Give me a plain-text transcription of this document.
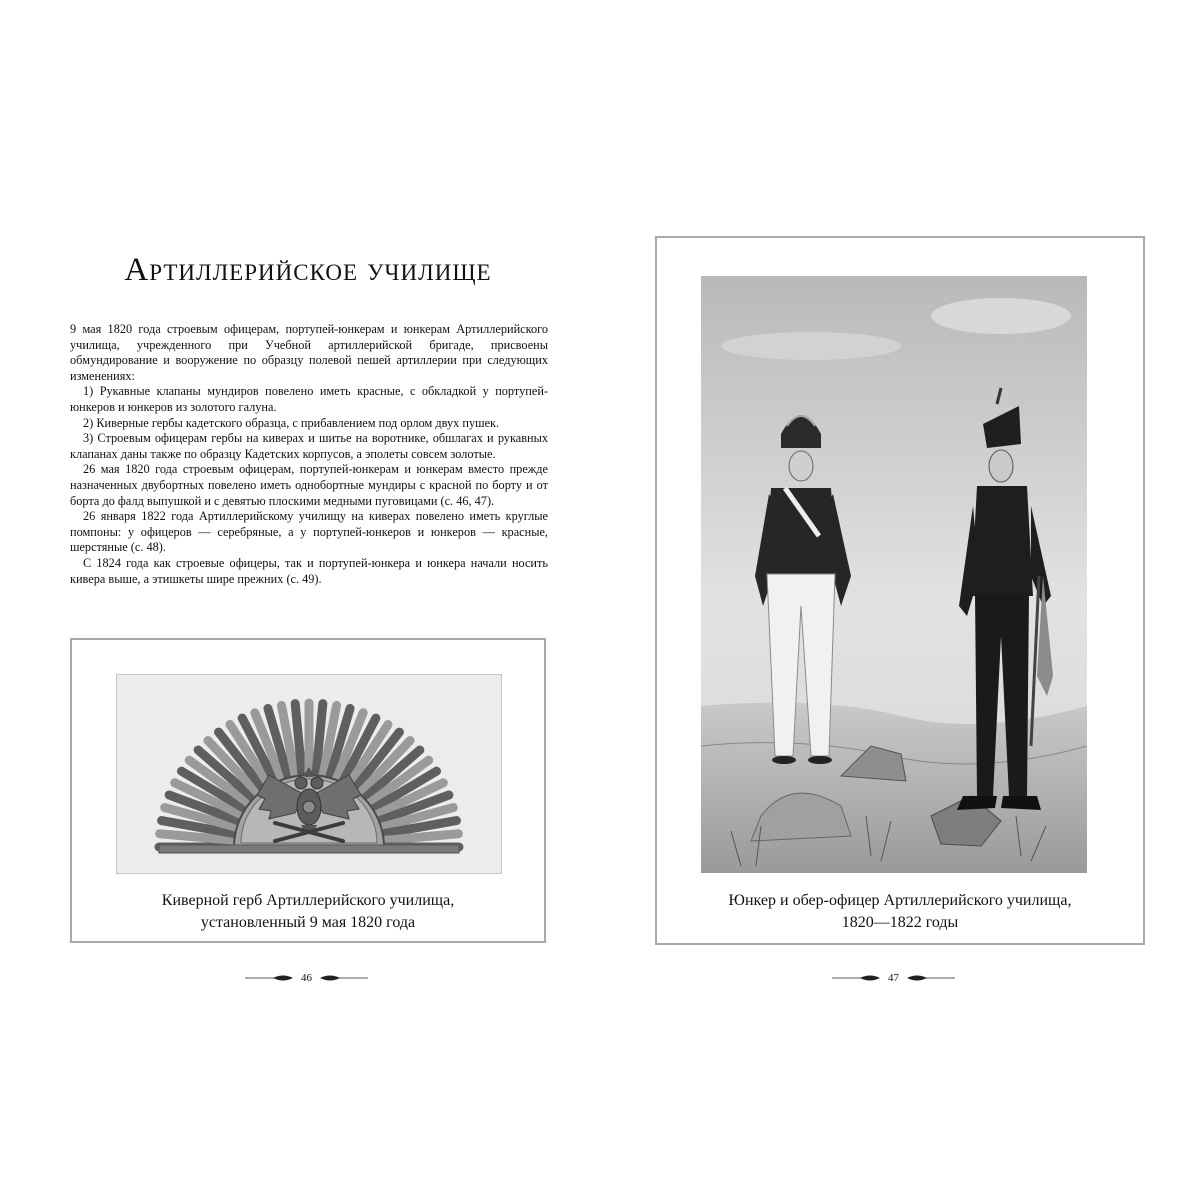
Артиллерийское училище

9 мая 1820 года строевым офицерам, портупей-юнкерам и юнкерам Артиллерийского училища, учрежденного при Учебной артиллерийской бригаде, присвоены обмундирование и вооружение по образцу полевой пешей артиллерии при следующих изменениях:

1) Рукавные клапаны мундиров повелено иметь красные, с обкладкой у портупей-юнкеров и юнкеров из золотого галуна.

2) Киверные гербы кадетского образца, с прибавлением под орлом двух пушек.

3) Строевым офицерам гербы на киверах и шитье на воротнике, обшлагах и рукавных клапанах даны также по образцу Кадетских корпусов, а эполеты совсем золотые.

26 мая 1820 года строевым офицерам, портупей-юнкерам и юнкерам вместо прежде назначенных двубортных повелено иметь однобортные мундиры с красной по борту и от борта до фалд выпушкой и с девятью плоскими медными пуговицами (с. 46, 47).

26 января 1822 года Артиллерийскому училищу на киверах повелено иметь круглые помпоны: у офицеров — серебряные, а у портупей-юнкеров и юнкеров — красные, шерстяные (с. 48).

С 1824 года как строевые офицеры, так и портупей-юнкера и юнкера начали носить кивера выше, а этишкеты шире прежних (с. 49).

Киверной герб Артиллерийского училища,
установленный 9 мая 1820 года
46
Юнкер и обер-офицер Артиллерийского училища,
1820—1822 годы
47
